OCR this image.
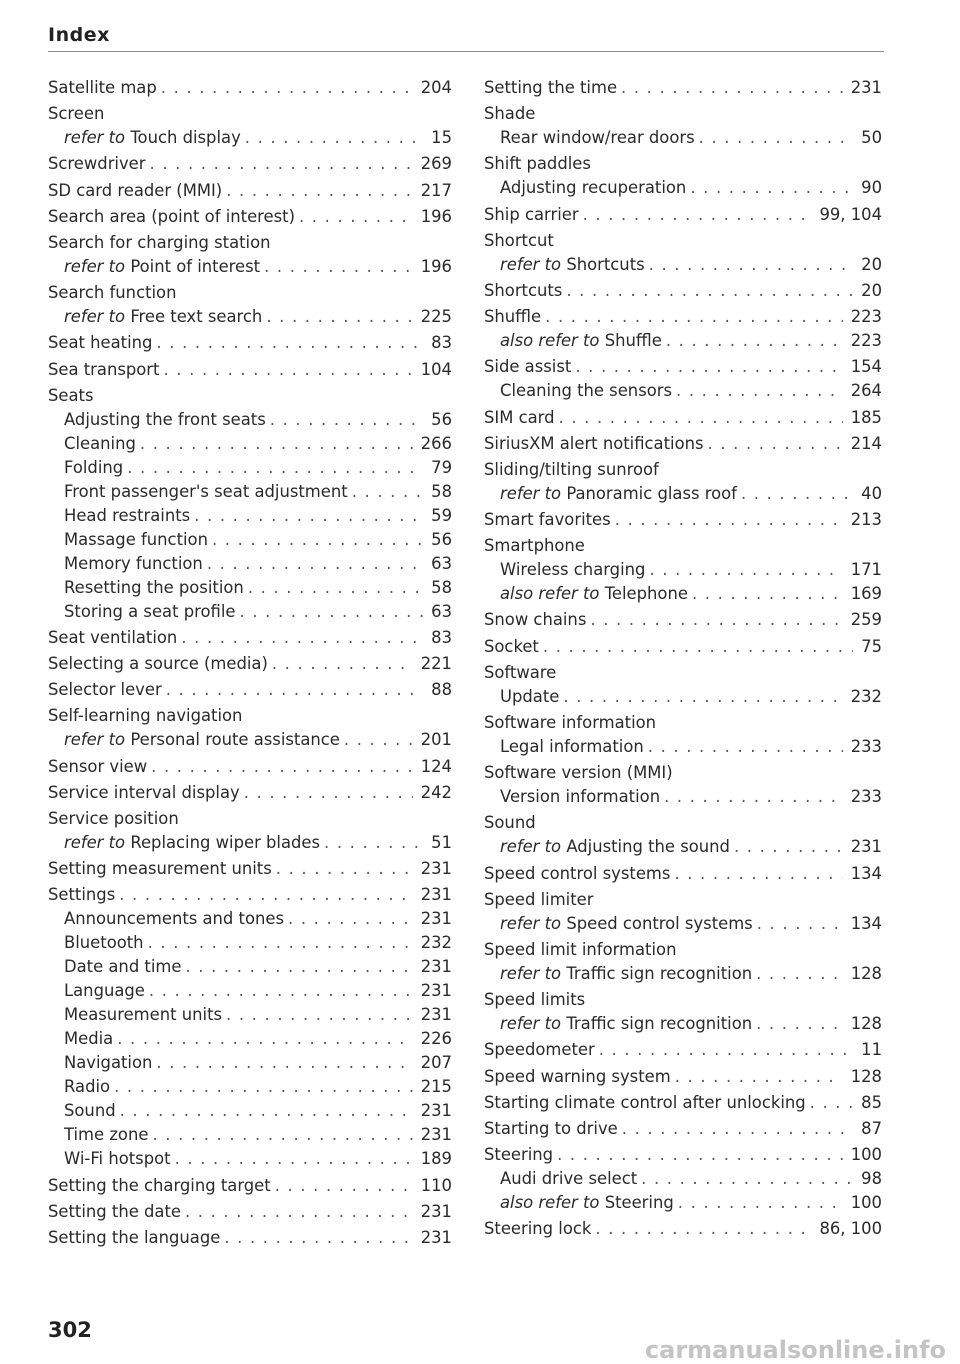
Index
Satellite map . . .	204
Screen
refer to Touch display . . .	15
Screwdriver . . .	269
SD card reader (MMI) . . .	217
Search area (point of interest) . . .	196
Search for charging station
refer to Point of interest . . .	196
Search function
refer to Free text search . . .	225
Seat heating . . .	83
Sea transport . . .	104
Seats
Adjusting the front seats . . .	56
Cleaning . . .	266
Folding . . .	79
Front passenger's seat adjustment . . .	58
Head restraints . . .	59
Massage function . . .	56
Memory function . . .	63
Resetting the position . . .	58
Storing a seat profile . . .	63
Seat ventilation . . .	83
Selecting a source (media) . . .	221
Selector lever . . .	88
Self-learning navigation
refer to Personal route assistance . . .	201
Sensor view . . .	124
Service interval display . . .	242
Service position
refer to Replacing wiper blades . . .	51
Setting measurement units . . .	231
Settings . . .	231
Announcements and tones . . .	231
Bluetooth . . .	232
Date and time . . .	231
Language . . .	231
Measurement units . . .	231
Media . . .	226
Navigation . . .	207
Radio . . .	215
Sound . . .	231
Time zone . . .	231
Wi-Fi hotspot . . .	189
Setting the charging target . . .	110
Setting the date . . .	231
Setting the language . . .	231
Setting the time . . .	231
Shade
Rear window/rear doors . . .	50
Shift paddles
Adjusting recuperation . . .	90
Ship carrier . . .	99, 104
Shortcut
refer to Shortcuts . . .	20
Shortcuts . . .	20
Shuffle . . .	223
also refer to Shuffle . . .	223
Side assist . . .	154
Cleaning the sensors . . .	264
SIM card . . .	185
SiriusXM alert notifications . . .	214
Sliding/tilting sunroof
refer to Panoramic glass roof . . .	40
Smart favorites . . .	213
Smartphone
Wireless charging . . .	171
also refer to Telephone . . .	169
Snow chains . . .	259
Socket . . .	75
Software
Update . . .	232
Software information
Legal information . . .	233
Software version (MMI)
Version information . . .	233
Sound
refer to Adjusting the sound . . .	231
Speed control systems . . .	134
Speed limiter
refer to Speed control systems . . .	134
Speed limit information
refer to Traffic sign recognition . . .	128
Speed limits
refer to Traffic sign recognition . . .	128
Speedometer . . .	11
Speed warning system . . .	128
Starting climate control after unlocking . . .	85
Starting to drive . . .	87
Steering . . .	100
Audi drive select . . .	98
also refer to Steering . . .	100
Steering lock . . .	86, 100
302
carmanualsonline.info
